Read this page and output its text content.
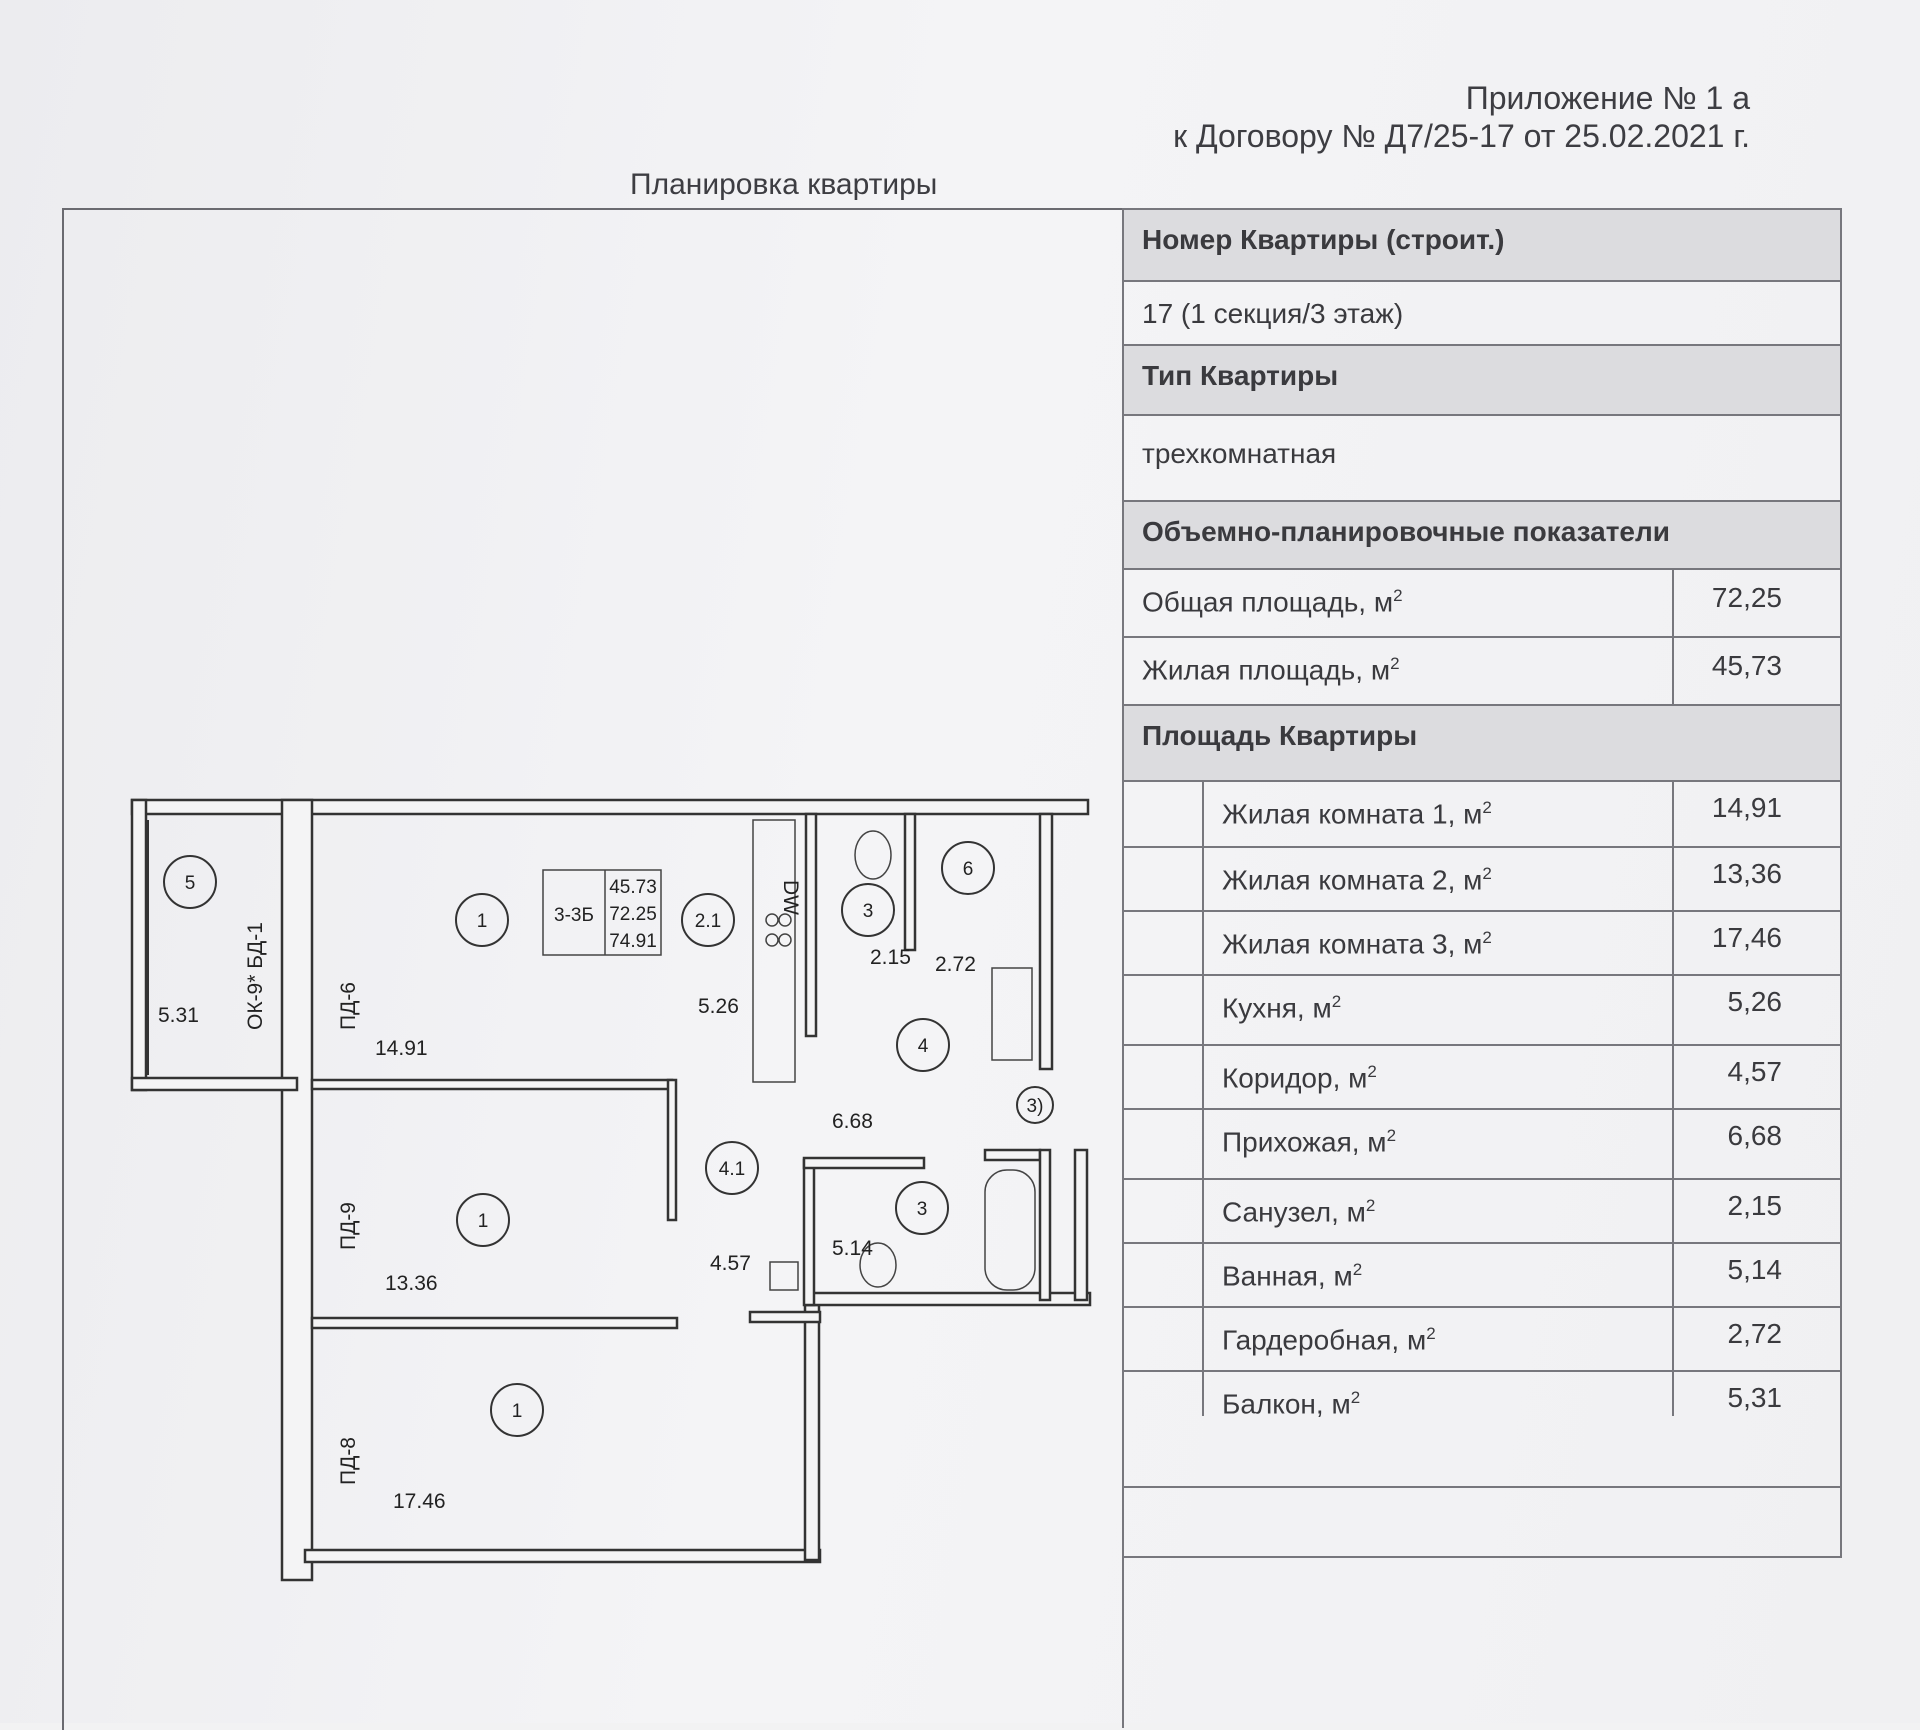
Приложение № 1 а
к Договору № Д7/25-17 от 25.02.2021 г.
Планировка квартиры
1
1
1
5
2.1	3
6
4
4.1
3
3)
3-3Б
45.73
72.25
74.91
14.91
13.36
17.46
5.31	5.26
6.68
4.57
2.15 2.72
5.14
ПД-6
ПД-9
ПД-8
ОК-9* БД-1
DW
Номер Квартиры (строит.)
17 (1 секция/3 этаж)
Тип Квартиры
трехкомнатная
Объемно-планировочные показатели
Общая площадь, $м^2$	72,25
Жилая площадь, $м^2$	45,73
Площадь Квартиры
Жилая комната 1, $м^2$	14,91
Жилая комната 2, $м^2$	13,36
Жилая комната 3, $м^2$	17,46
Кухня, $м^2$	5,26
Коридор, $м^2$	4,57
Прихожая, $м^2$	6,68
Санузел, $м^2$	2,15
Ванная, $м^2$	5,14
Гардеробная, $м^2$	2,72
Балкон, $м^2$	5,31
